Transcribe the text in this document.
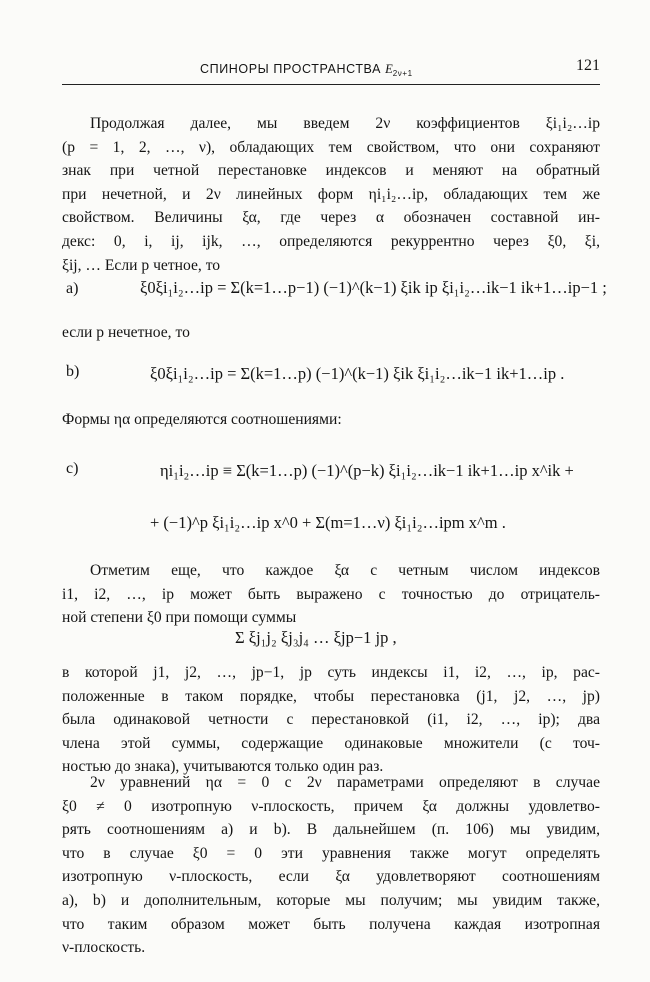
СПИНОРЫ ПРОСТРАНСТВА $E_{2\nu+1}$	121
Продолжая далее, мы введем 2ν коэффициентов ξi₁i₂…ip
(p = 1, 2, …, ν), обладающих тем свойством, что они сохраняют
знак при четной перестановке индексов и меняют на обратный
при нечетной, и 2ν линейных форм ηi₁i₂…ip, обладающих тем же
свойством. Величины ξα, где через α обозначен составной ин-
декс: 0, i, ij, ijk, …, определяются рекуррентно через ξ0, ξi,
ξij, … Если p четное, то
a)	ξ0ξi₁i₂…ip = Σ(k=1…p−1) (−1)^(k−1) ξik ip ξi₁i₂…ik−1 ik+1…ip−1 ;
если p нечетное, то
b)	ξ0ξi₁i₂…ip = Σ(k=1…p) (−1)^(k−1) ξik ξi₁i₂…ik−1 ik+1…ip .
Формы ηα определяются соотношениями:
c)	ηi₁i₂…ip ≡ Σ(k=1…p) (−1)^(p−k) ξi₁i₂…ik−1 ik+1…ip x^ik +
+ (−1)^p ξi₁i₂…ip x^0 + Σ(m=1…ν) ξi₁i₂…ipm x^m .
Отметим еще, что каждое ξα с четным числом индексов
i1, i2, …, ip может быть выражено с точностью до отрицатель-
ной степени ξ0 при помощи суммы
Σ ξj₁j₂ ξj₃j₄ … ξjp−1 jp ,
в которой j1, j2, …, jp−1, jp суть индексы i1, i2, …, ip, рас-
положенные в таком порядке, чтобы перестановка (j1, j2, …, jp)
была одинаковой четности с перестановкой (i1, i2, …, ip); два
члена этой суммы, содержащие одинаковые множители (с точ-
ностью до знака), учитываются только один раз.
2ν уравнений ηα = 0 с 2ν параметрами определяют в случае
ξ0 ≠ 0 изотропную ν-плоскость, причем ξα должны удовлетво-
рять соотношениям a) и b). В дальнейшем (п. 106) мы увидим,
что в случае ξ0 = 0 эти уравнения также могут определять
изотропную ν-плоскость, если ξα удовлетворяют соотношениям
a), b) и дополнительным, которые мы получим; мы увидим также,
что таким образом может быть получена каждая изотропная
ν-плоскость.
